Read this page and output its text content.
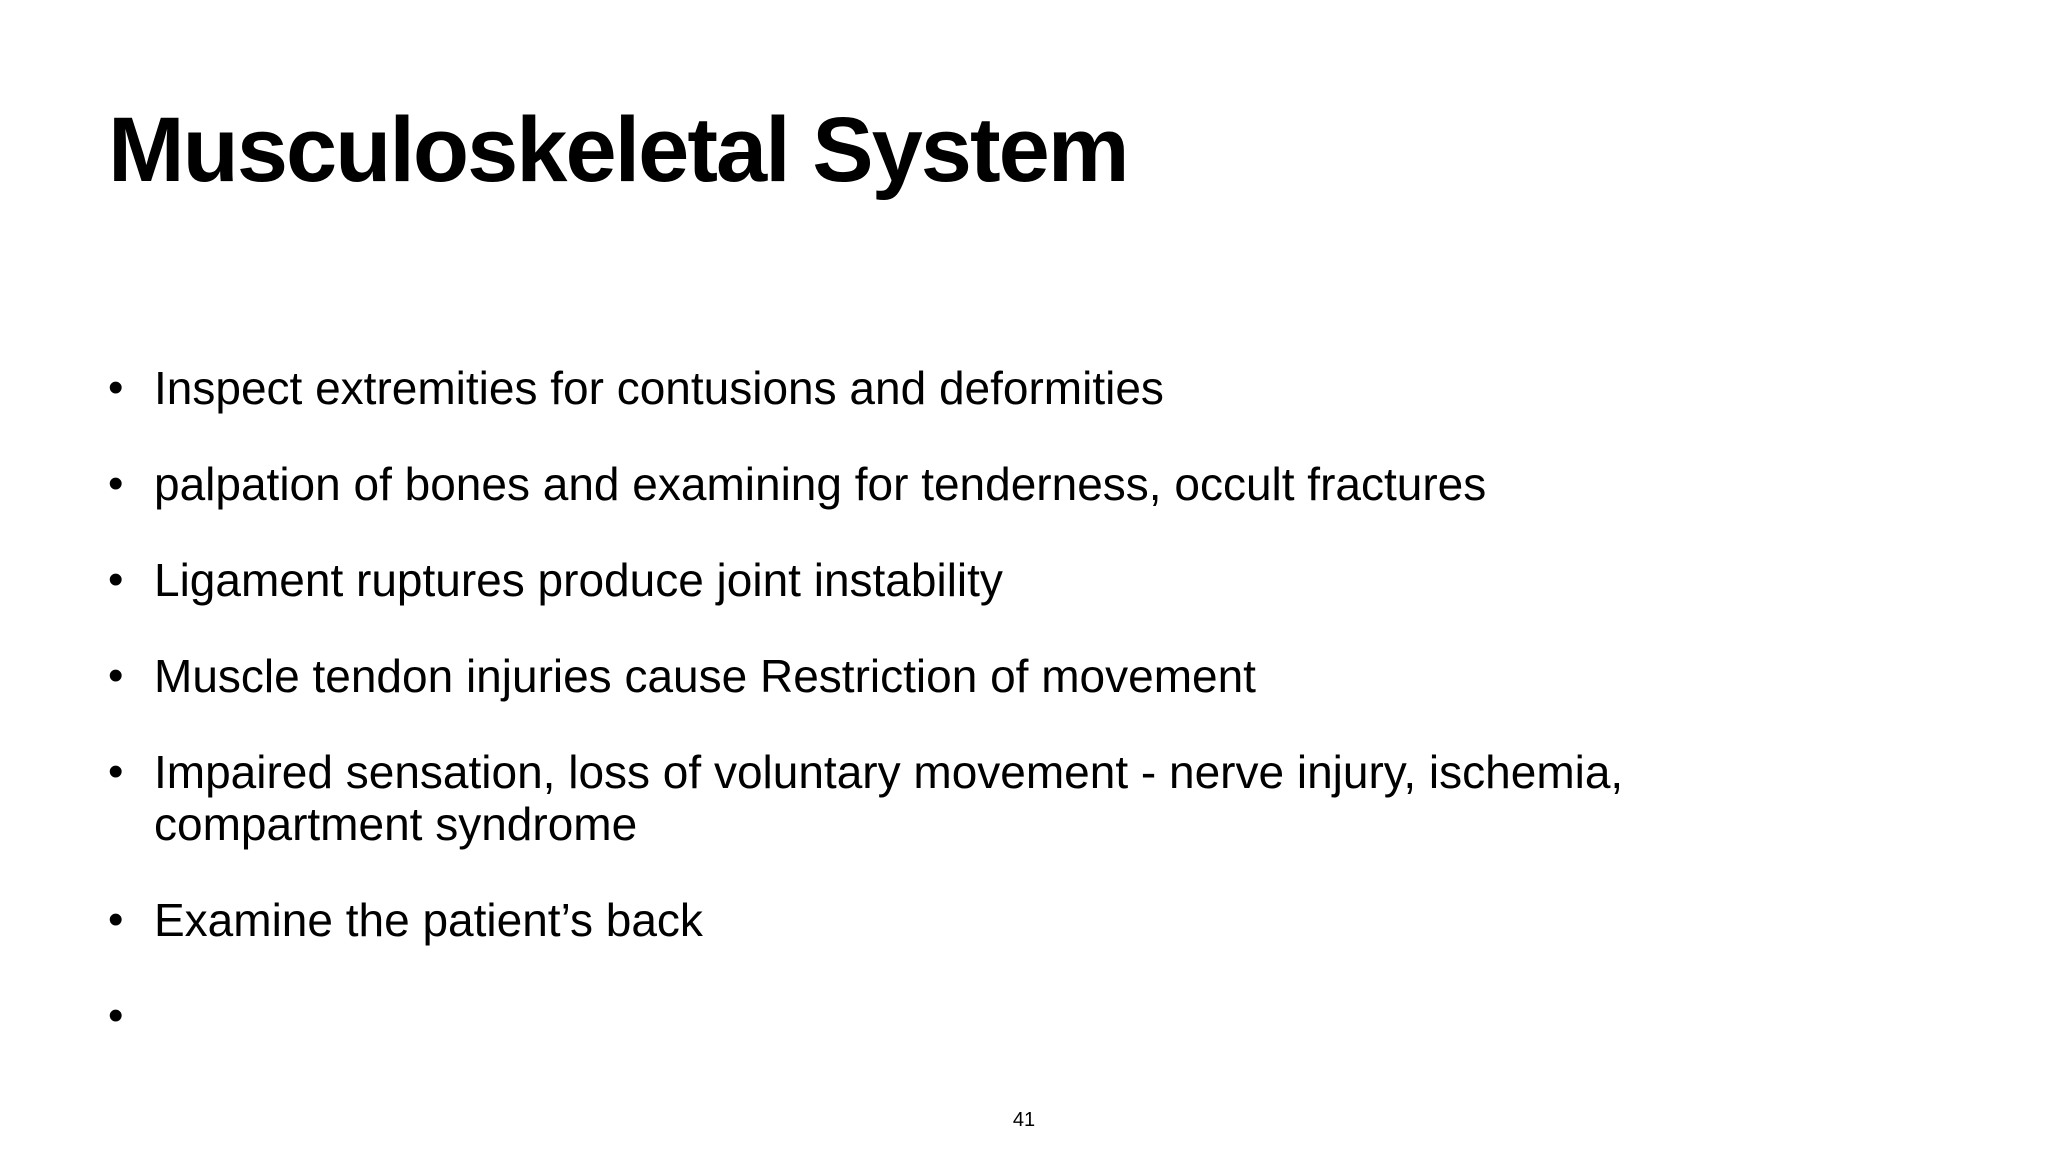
Musculoskeletal System
• Inspect extremities for contusions and deformities
• palpation of bones and examining for tenderness, occult fractures
• Ligament ruptures produce joint instability
• Muscle tendon injuries cause Restriction of movement
• Impaired sensation, loss of voluntary movement - nerve injury, ischemia, compartment syndrome
• Examine the patient’s back
•
41
